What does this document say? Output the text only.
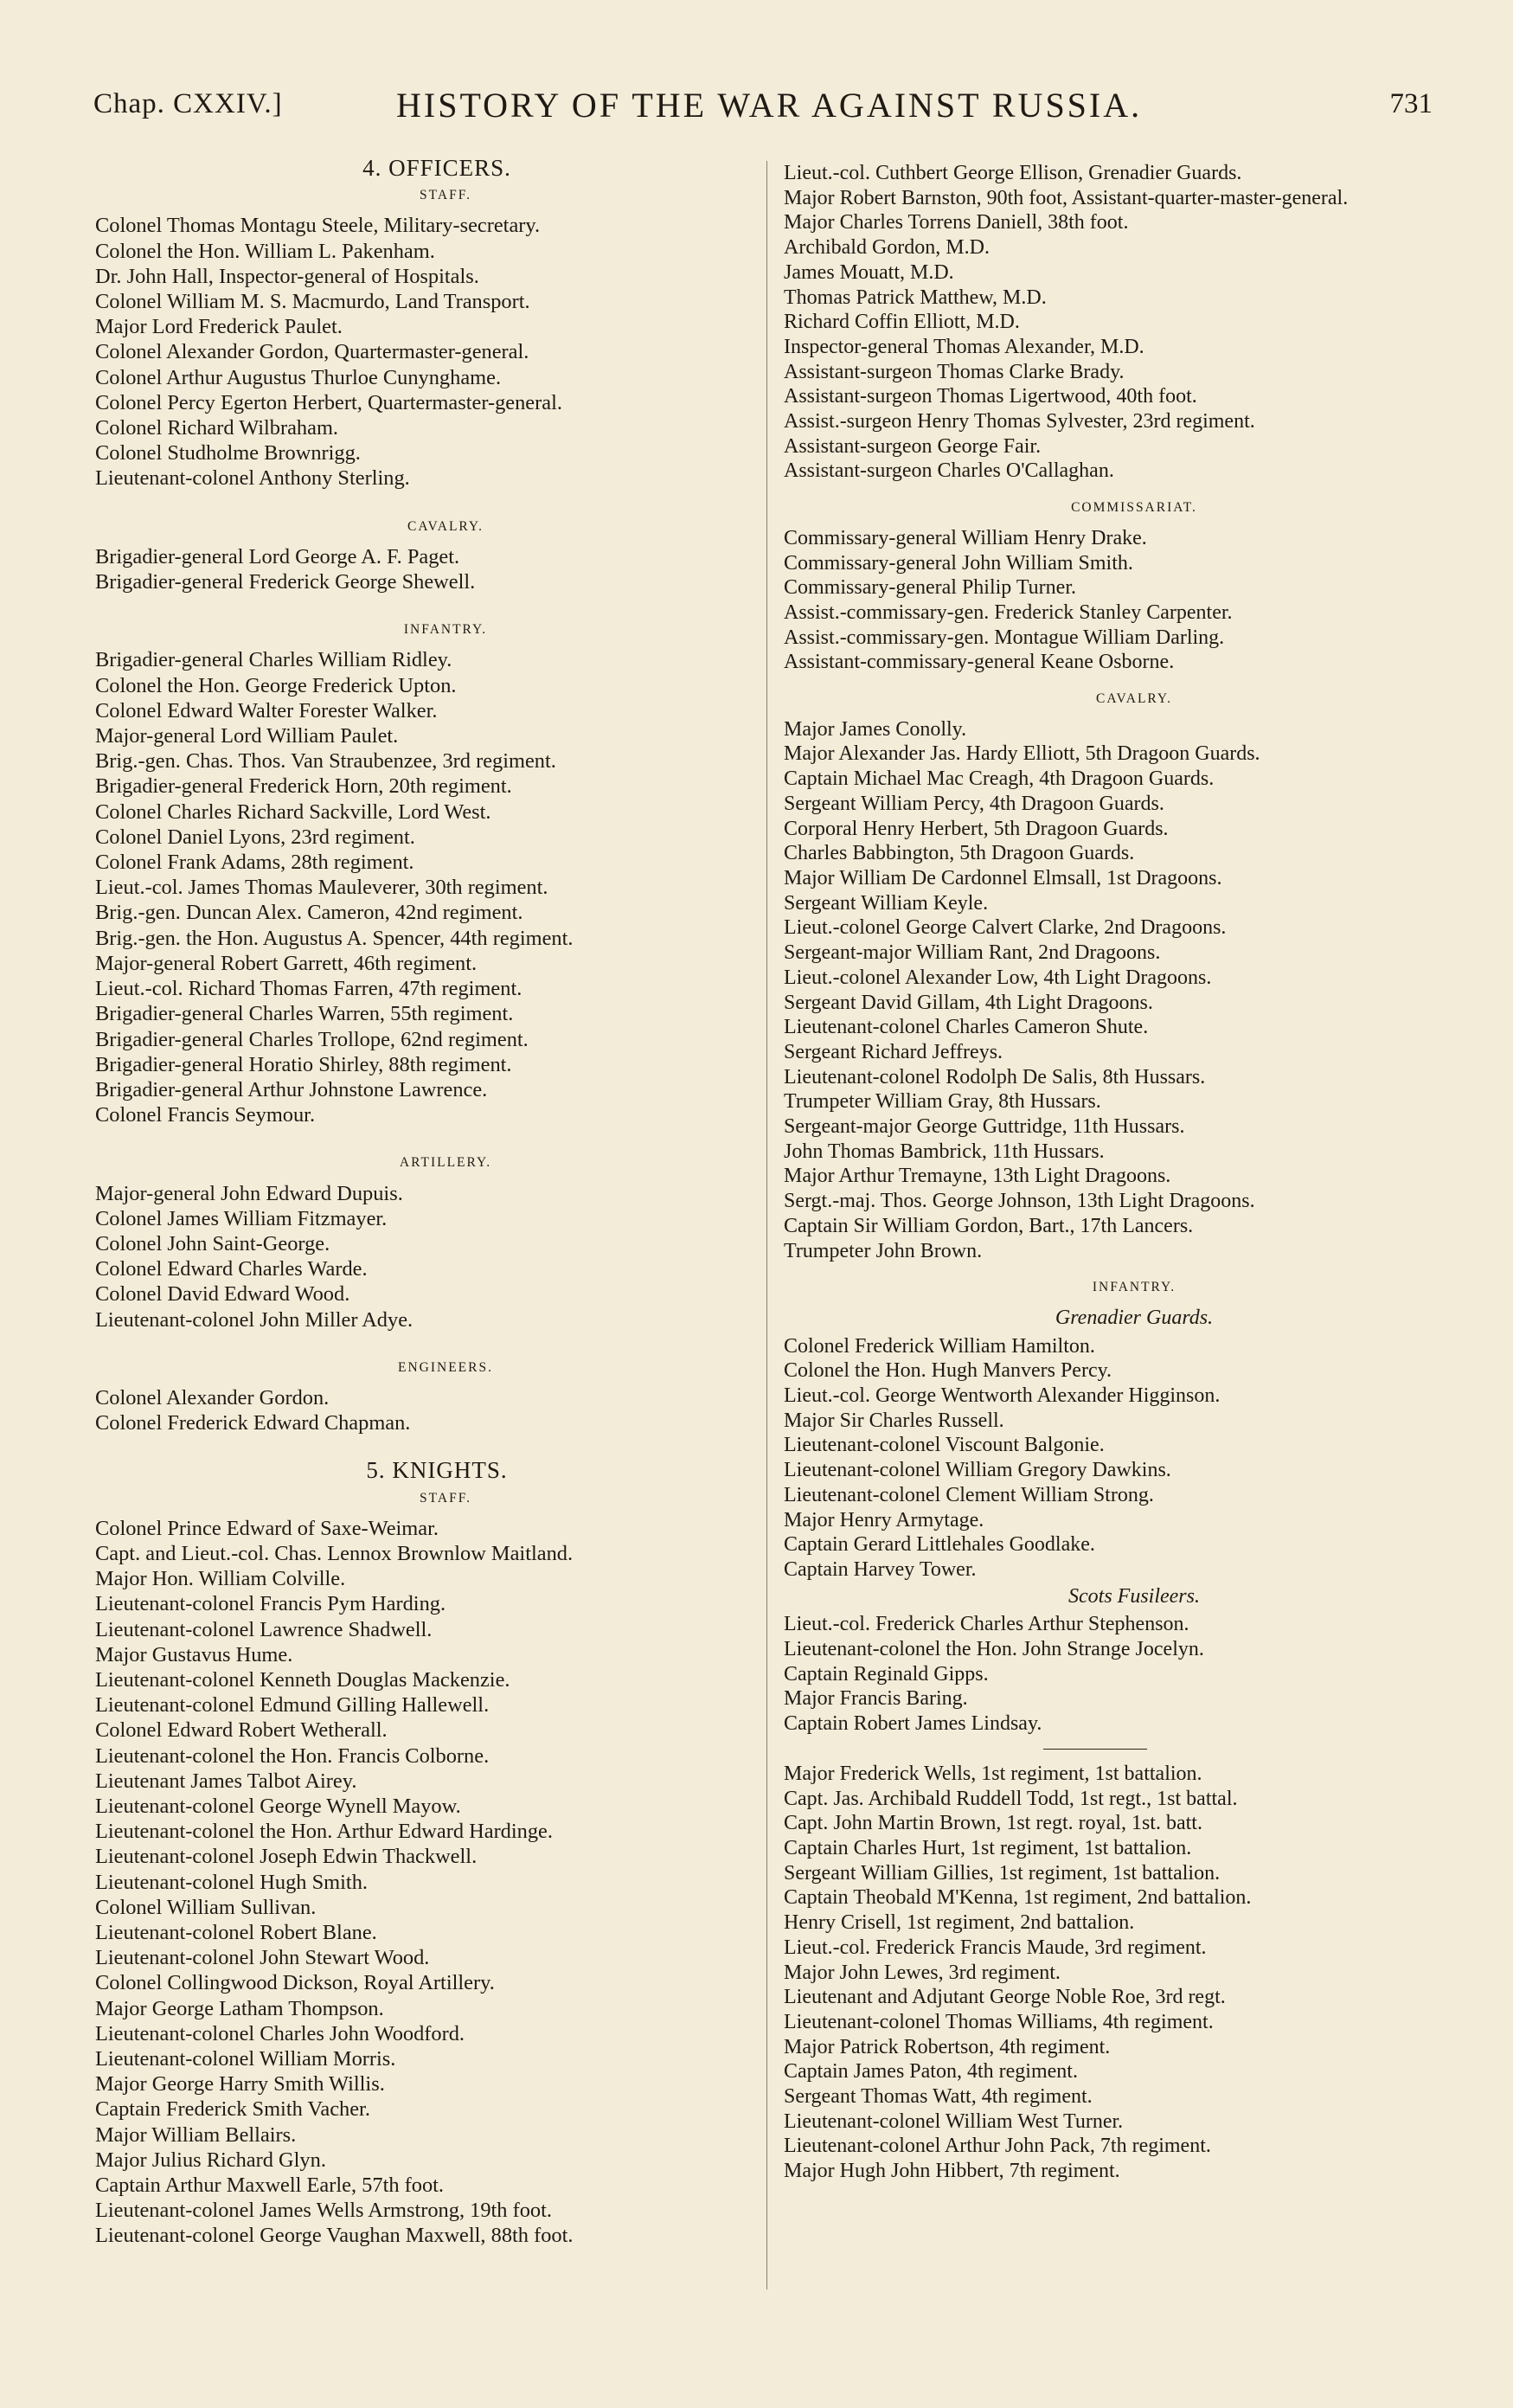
Chap. CXXIV.]	HISTORY OF THE WAR AGAINST RUSSIA.	731
4. OFFICERS.
STAFF.
Colonel Thomas Montagu Steele, Military-secretary.
Colonel the Hon. William L. Pakenham.
Dr. John Hall, Inspector-general of Hospitals.
Colonel William M. S. Macmurdo, Land Transport.
Major Lord Frederick Paulet.
Colonel Alexander Gordon, Quartermaster-general.
Colonel Arthur Augustus Thurloe Cunynghame.
Colonel Percy Egerton Herbert, Quartermaster-general.
Colonel Richard Wilbraham.
Colonel Studholme Brownrigg.
Lieutenant-colonel Anthony Sterling.
CAVALRY.
Brigadier-general Lord George A. F. Paget.
Brigadier-general Frederick George Shewell.
INFANTRY.
Brigadier-general Charles William Ridley.
Colonel the Hon. George Frederick Upton.
Colonel Edward Walter Forester Walker.
Major-general Lord William Paulet.
Brig.-gen. Chas. Thos. Van Straubenzee, 3rd regiment.
Brigadier-general Frederick Horn, 20th regiment.
Colonel Charles Richard Sackville, Lord West.
Colonel Daniel Lyons, 23rd regiment.
Colonel Frank Adams, 28th regiment.
Lieut.-col. James Thomas Mauleverer, 30th regiment.
Brig.-gen. Duncan Alex. Cameron, 42nd regiment.
Brig.-gen. the Hon. Augustus A. Spencer, 44th regiment.
Major-general Robert Garrett, 46th regiment.
Lieut.-col. Richard Thomas Farren, 47th regiment.
Brigadier-general Charles Warren, 55th regiment.
Brigadier-general Charles Trollope, 62nd regiment.
Brigadier-general Horatio Shirley, 88th regiment.
Brigadier-general Arthur Johnstone Lawrence.
Colonel Francis Seymour.
ARTILLERY.
Major-general John Edward Dupuis.
Colonel James William Fitzmayer.
Colonel John Saint-George.
Colonel Edward Charles Warde.
Colonel David Edward Wood.
Lieutenant-colonel John Miller Adye.
ENGINEERS.
Colonel Alexander Gordon.
Colonel Frederick Edward Chapman.
5. KNIGHTS.
STAFF.
Colonel Prince Edward of Saxe-Weimar.
Capt. and Lieut.-col. Chas. Lennox Brownlow Maitland.
Major Hon. William Colville.
Lieutenant-colonel Francis Pym Harding.
Lieutenant-colonel Lawrence Shadwell.
Major Gustavus Hume.
Lieutenant-colonel Kenneth Douglas Mackenzie.
Lieutenant-colonel Edmund Gilling Hallewell.
Colonel Edward Robert Wetherall.
Lieutenant-colonel the Hon. Francis Colborne.
Lieutenant James Talbot Airey.
Lieutenant-colonel George Wynell Mayow.
Lieutenant-colonel the Hon. Arthur Edward Hardinge.
Lieutenant-colonel Joseph Edwin Thackwell.
Lieutenant-colonel Hugh Smith.
Colonel William Sullivan.
Lieutenant-colonel Robert Blane.
Lieutenant-colonel John Stewart Wood.
Colonel Collingwood Dickson, Royal Artillery.
Major George Latham Thompson.
Lieutenant-colonel Charles John Woodford.
Lieutenant-colonel William Morris.
Major George Harry Smith Willis.
Captain Frederick Smith Vacher.
Major William Bellairs.
Major Julius Richard Glyn.
Captain Arthur Maxwell Earle, 57th foot.
Lieutenant-colonel James Wells Armstrong, 19th foot.
Lieutenant-colonel George Vaughan Maxwell, 88th foot.
Lieut.-col. Cuthbert George Ellison, Grenadier Guards.
Major Robert Barnston, 90th foot, Assistant-quarter-master-general.
Major Charles Torrens Daniell, 38th foot.
Archibald Gordon, M.D.
James Mouatt, M.D.
Thomas Patrick Matthew, M.D.
Richard Coffin Elliott, M.D.
Inspector-general Thomas Alexander, M.D.
Assistant-surgeon Thomas Clarke Brady.
Assistant-surgeon Thomas Ligertwood, 40th foot.
Assist.-surgeon Henry Thomas Sylvester, 23rd regiment.
Assistant-surgeon George Fair.
Assistant-surgeon Charles O'Callaghan.
COMMISSARIAT.
Commissary-general William Henry Drake.
Commissary-general John William Smith.
Commissary-general Philip Turner.
Assist.-commissary-gen. Frederick Stanley Carpenter.
Assist.-commissary-gen. Montague William Darling.
Assistant-commissary-general Keane Osborne.
CAVALRY.
Major James Conolly.
Major Alexander Jas. Hardy Elliott, 5th Dragoon Guards.
Captain Michael Mac Creagh, 4th Dragoon Guards.
Sergeant William Percy, 4th Dragoon Guards.
Corporal Henry Herbert, 5th Dragoon Guards.
Charles Babbington, 5th Dragoon Guards.
Major William De Cardonnel Elmsall, 1st Dragoons.
Sergeant William Keyle.
Lieut.-colonel George Calvert Clarke, 2nd Dragoons.
Sergeant-major William Rant, 2nd Dragoons.
Lieut.-colonel Alexander Low, 4th Light Dragoons.
Sergeant David Gillam, 4th Light Dragoons.
Lieutenant-colonel Charles Cameron Shute.
Sergeant Richard Jeffreys.
Lieutenant-colonel Rodolph De Salis, 8th Hussars.
Trumpeter William Gray, 8th Hussars.
Sergeant-major George Guttridge, 11th Hussars.
John Thomas Bambrick, 11th Hussars.
Major Arthur Tremayne, 13th Light Dragoons.
Sergt.-maj. Thos. George Johnson, 13th Light Dragoons.
Captain Sir William Gordon, Bart., 17th Lancers.
Trumpeter John Brown.
INFANTRY.
Grenadier Guards.
Colonel Frederick William Hamilton.
Colonel the Hon. Hugh Manvers Percy.
Lieut.-col. George Wentworth Alexander Higginson.
Major Sir Charles Russell.
Lieutenant-colonel Viscount Balgonie.
Lieutenant-colonel William Gregory Dawkins.
Lieutenant-colonel Clement William Strong.
Major Henry Armytage.
Captain Gerard Littlehales Goodlake.
Captain Harvey Tower.
Scots Fusileers.
Lieut.-col. Frederick Charles Arthur Stephenson.
Lieutenant-colonel the Hon. John Strange Jocelyn.
Captain Reginald Gipps.
Major Francis Baring.
Captain Robert James Lindsay.
Major Frederick Wells, 1st regiment, 1st battalion.
Capt. Jas. Archibald Ruddell Todd, 1st regt., 1st battal.
Capt. John Martin Brown, 1st regt. royal, 1st. batt.
Captain Charles Hurt, 1st regiment, 1st battalion.
Sergeant William Gillies, 1st regiment, 1st battalion.
Captain Theobald M'Kenna, 1st regiment, 2nd battalion.
Henry Crisell, 1st regiment, 2nd battalion.
Lieut.-col. Frederick Francis Maude, 3rd regiment.
Major John Lewes, 3rd regiment.
Lieutenant and Adjutant George Noble Roe, 3rd regt.
Lieutenant-colonel Thomas Williams, 4th regiment.
Major Patrick Robertson, 4th regiment.
Captain James Paton, 4th regiment.
Sergeant Thomas Watt, 4th regiment.
Lieutenant-colonel William West Turner.
Lieutenant-colonel Arthur John Pack, 7th regiment.
Major Hugh John Hibbert, 7th regiment.
